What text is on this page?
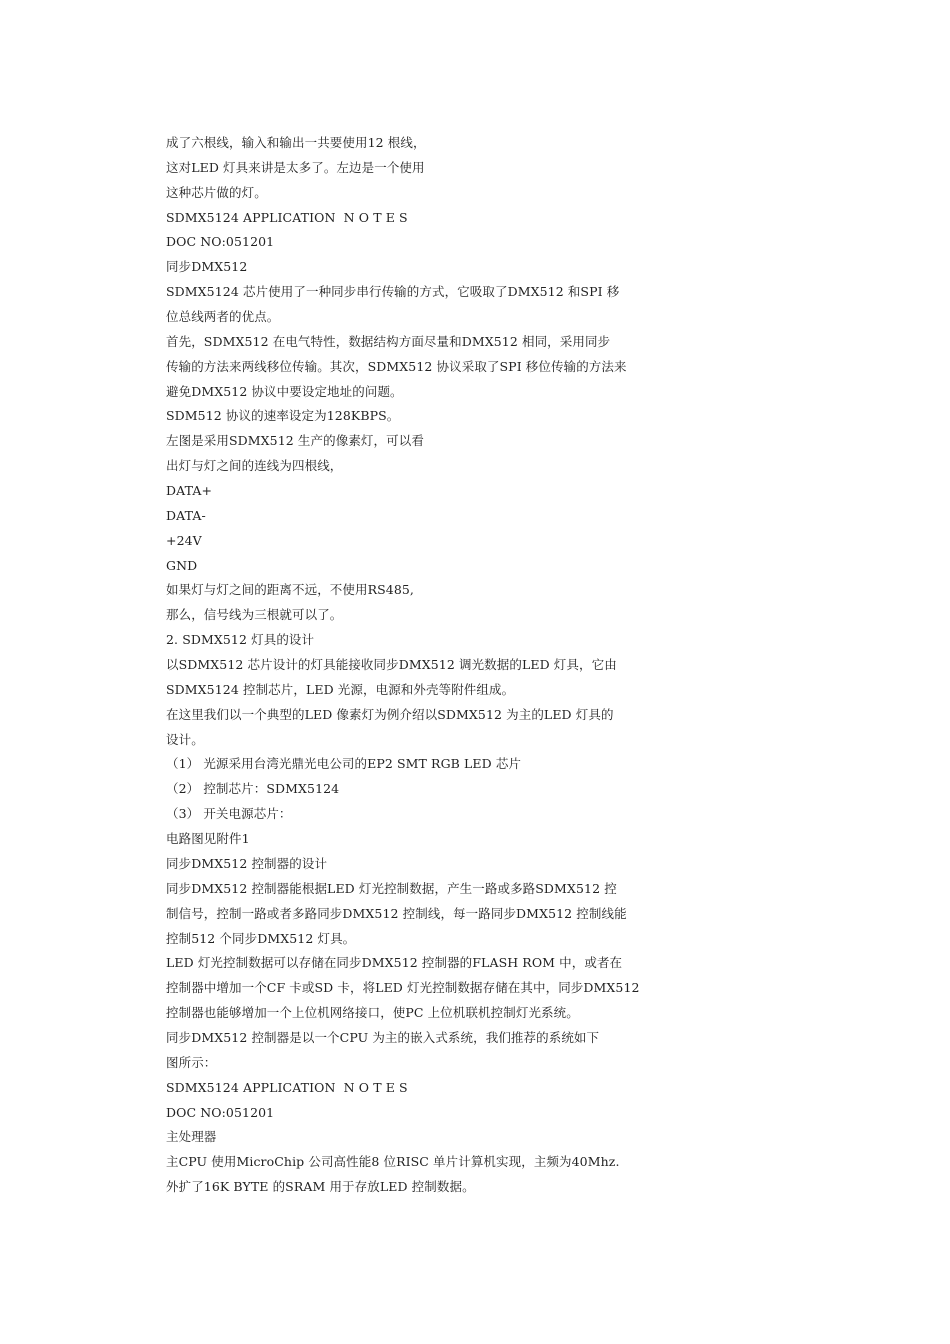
成了六根线，输入和输出一共要使用12 根线，
这对LED 灯具来讲是太多了。左边是一个使用
这种芯片做的灯。
SDMX5124 APPLICATION  N O T E S
DOC NO:051201
同步DMX512
SDMX5124 芯片使用了一种同步串行传输的方式，它吸取了DMX512 和SPI 移
位总线两者的优点。
首先，SDMX512 在电气特性，数据结构方面尽量和DMX512 相同，采用同步
传输的方法来两线移位传输。其次，SDMX512 协议采取了SPI 移位传输的方法来
避免DMX512 协议中要设定地址的问题。
SDM512 协议的速率设定为128KBPS。
左图是采用SDMX512 生产的像素灯，可以看
出灯与灯之间的连线为四根线，
DATA+
DATA-
+24V
GND
如果灯与灯之间的距离不远，不使用RS485,
那么，信号线为三根就可以了。
2. SDMX512 灯具的设计
以SDMX512 芯片设计的灯具能接收同步DMX512 调光数据的LED 灯具，它由
SDMX5124 控制芯片，LED 光源，电源和外壳等附件组成。
在这里我们以一个典型的LED 像素灯为例介绍以SDMX512 为主的LED 灯具的
设计。
（1） 光源采用台湾光鼎光电公司的EP2 SMT RGB LED 芯片
（2） 控制芯片：SDMX5124
（3） 开关电源芯片：
电路图见附件1
同步DMX512 控制器的设计
同步DMX512 控制器能根据LED 灯光控制数据，产生一路或多路SDMX512 控
制信号，控制一路或者多路同步DMX512 控制线，每一路同步DMX512 控制线能
控制512 个同步DMX512 灯具。
LED 灯光控制数据可以存储在同步DMX512 控制器的FLASH ROM 中，或者在
控制器中增加一个CF 卡或SD 卡，将LED 灯光控制数据存储在其中，同步DMX512
控制器也能够增加一个上位机网络接口，使PC 上位机联机控制灯光系统。
同步DMX512 控制器是以一个CPU 为主的嵌入式系统，我们推荐的系统如下
图所示：
SDMX5124 APPLICATION  N O T E S
DOC NO:051201
主处理器
主CPU 使用MicroChip 公司高性能8 位RISC 单片计算机实现，主频为40Mhz.
外扩了16K BYTE 的SRAM 用于存放LED 控制数据。
